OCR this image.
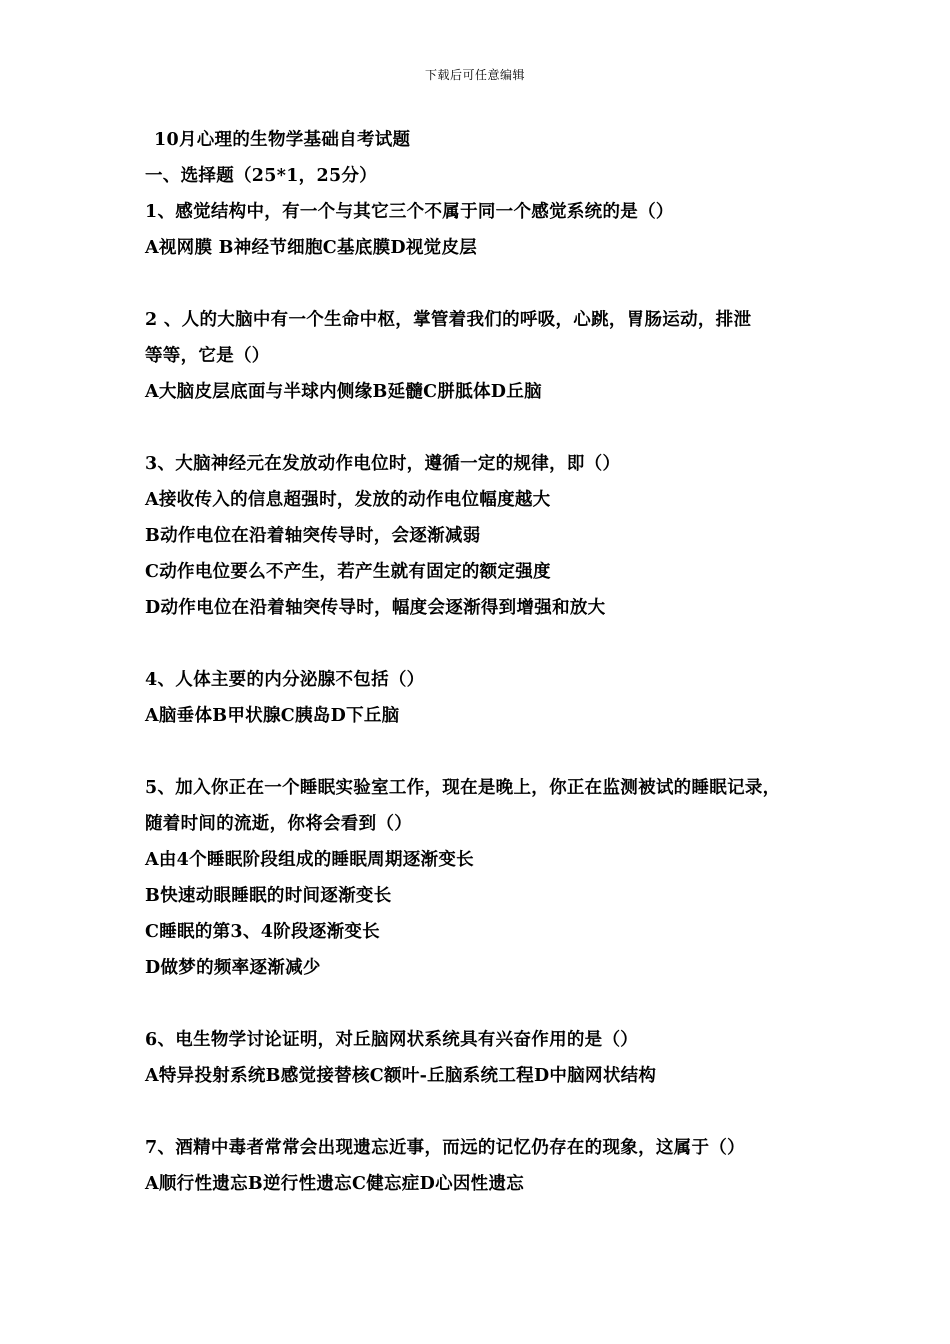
下载后可任意编辑
10月心理的生物学基础自考试题
一、选择题（25*1，25分）
1、感觉结构中，有一个与其它三个不属于同一个感觉系统的是（）
A视网膜 B神经节细胞C基底膜D视觉皮层
2 、人的大脑中有一个生命中枢，掌管着我们的呼吸，心跳，胃肠运动，排泄
等等，它是（）
A大脑皮层底面与半球内侧缘B延髓C胼胝体D丘脑
3、大脑神经元在发放动作电位时，遵循一定的规律，即（）
A接收传入的信息超强时，发放的动作电位幅度越大
B动作电位在沿着轴突传导时，会逐渐减弱
C动作电位要么不产生，若产生就有固定的额定强度
D动作电位在沿着轴突传导时，幅度会逐渐得到增强和放大
4、人体主要的内分泌腺不包括（）
A脑垂体B甲状腺C胰岛D下丘脑
5、加入你正在一个睡眠实验室工作，现在是晚上，你正在监测被试的睡眠记录，
随着时间的流逝，你将会看到（）
A由4个睡眠阶段组成的睡眠周期逐渐变长
B快速动眼睡眠的时间逐渐变长
C睡眠的第3、4阶段逐渐变长
D做梦的频率逐渐减少
6、电生物学讨论证明，对丘脑网状系统具有兴奋作用的是（）
A特异投射系统B感觉接替核C额叶-丘脑系统工程D中脑网状结构
7、酒精中毒者常常会出现遗忘近事，而远的记忆仍存在的现象，这属于（）
A顺行性遗忘B逆行性遗忘C健忘症D心因性遗忘
